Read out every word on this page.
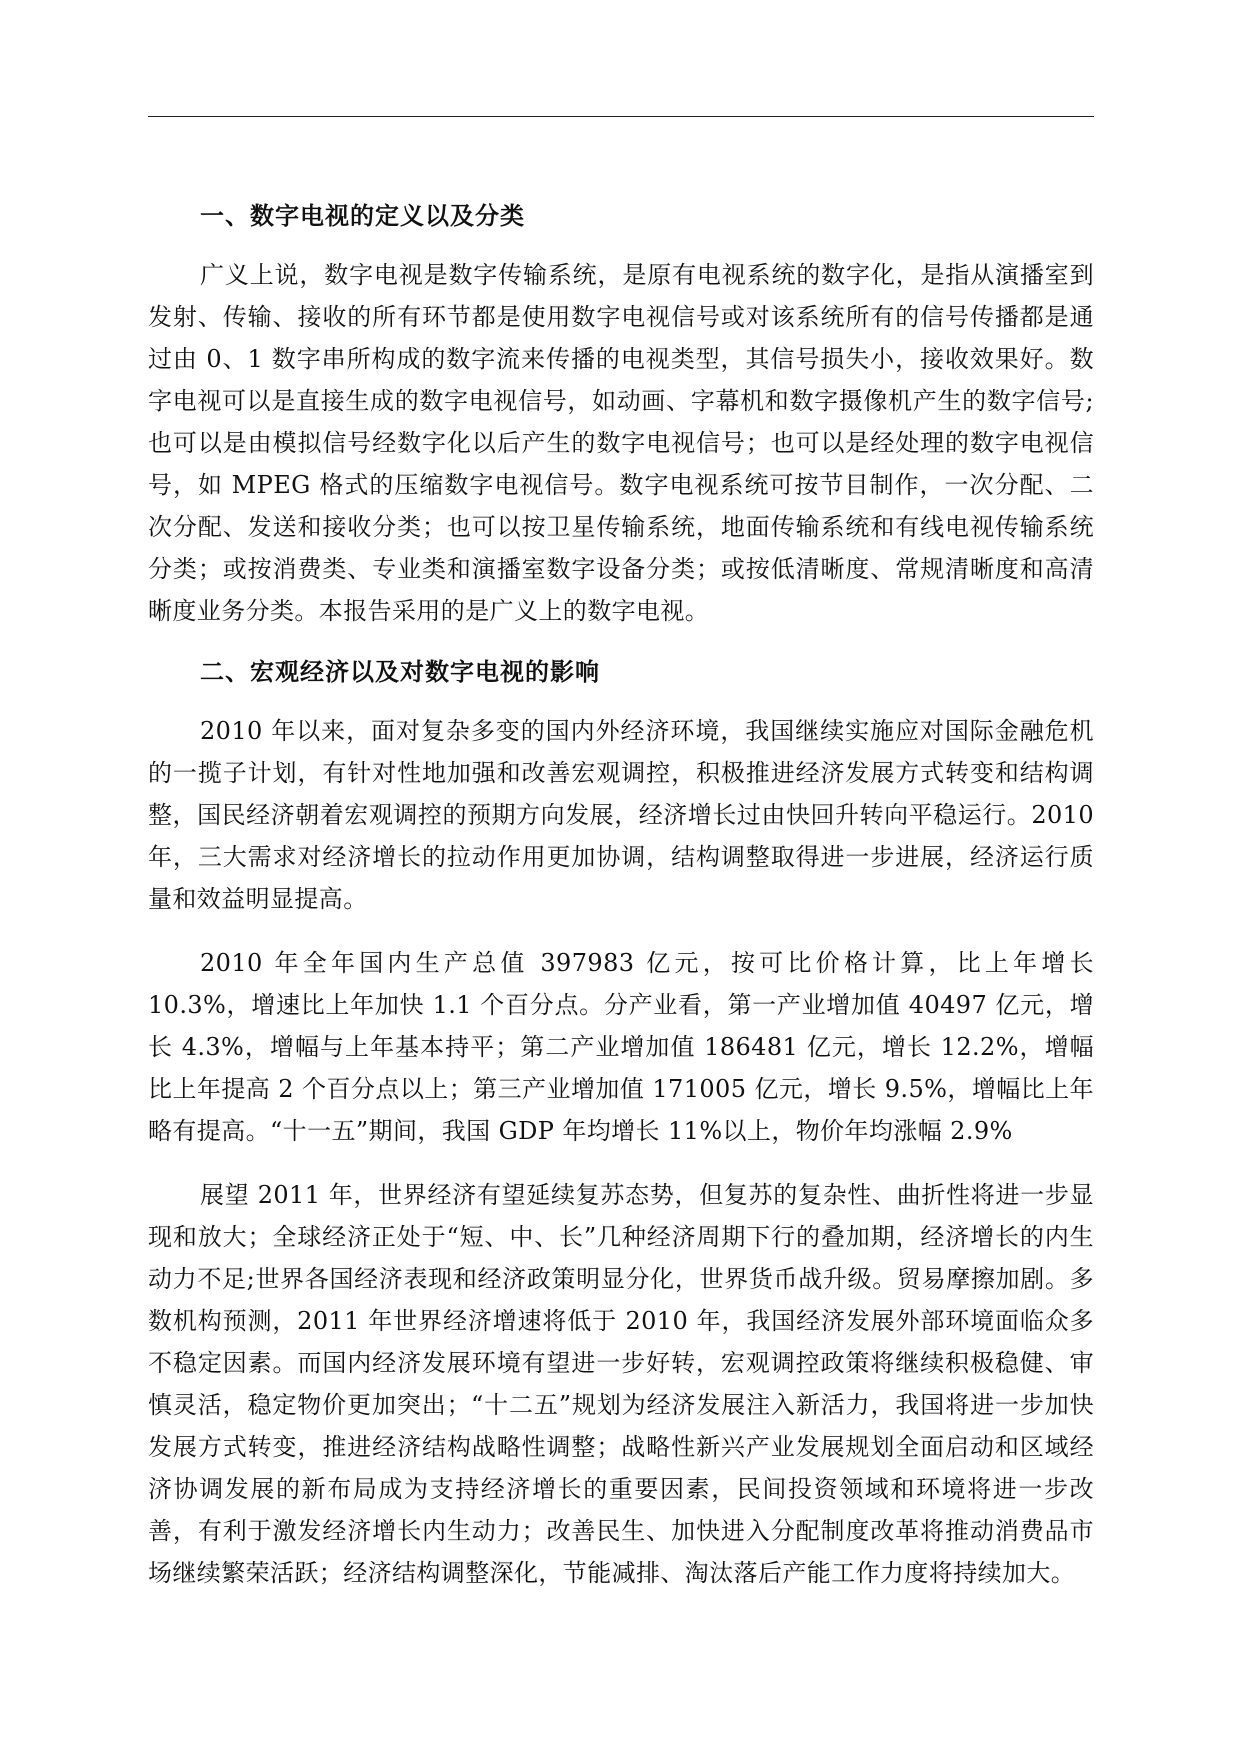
一、数字电视的定义以及分类

广义上说，数字电视是数字传输系统，是原有电视系统的数字化，是指从演播室到发射、传输、接收的所有环节都是使用数字电视信号或对该系统所有的信号传播都是通过由 0、1 数字串所构成的数字流来传播的电视类型，其信号损失小，接收效果好。数字电视可以是直接生成的数字电视信号，如动画、字幕机和数字摄像机产生的数字信号;也可以是由模拟信号经数字化以后产生的数字电视信号；也可以是经处理的数字电视信号，如 MPEG 格式的压缩数字电视信号。数字电视系统可按节目制作，一次分配、二次分配、发送和接收分类；也可以按卫星传输系统，地面传输系统和有线电视传输系统分类；或按消费类、专业类和演播室数字设备分类；或按低清晰度、常规清晰度和高清晰度业务分类。本报告采用的是广义上的数字电视。

二、宏观经济以及对数字电视的影响

2010 年以来，面对复杂多变的国内外经济环境，我国继续实施应对国际金融危机的一揽子计划，有针对性地加强和改善宏观调控，积极推进经济发展方式转变和结构调整，国民经济朝着宏观调控的预期方向发展，经济增长过由快回升转向平稳运行。2010 年，三大需求对经济增长的拉动作用更加协调，结构调整取得进一步进展，经济运行质量和效益明显提高。

2010 年全年国内生产总值 397983 亿元，按可比价格计算，比上年增长 10.3%，增速比上年加快 1.1 个百分点。分产业看，第一产业增加值 40497 亿元，增长 4.3%，增幅与上年基本持平；第二产业增加值 186481 亿元，增长 12.2%，增幅比上年提高 2 个百分点以上；第三产业增加值 171005 亿元，增长 9.5%，增幅比上年略有提高。“十一五”期间，我国 GDP 年均增长 11%以上，物价年均涨幅 2.9%

展望 2011 年，世界经济有望延续复苏态势，但复苏的复杂性、曲折性将进一步显现和放大；全球经济正处于“短、中、长”几种经济周期下行的叠加期，经济增长的内生动力不足;世界各国经济表现和经济政策明显分化，世界货币战升级。贸易摩擦加剧。多数机构预测，2011 年世界经济增速将低于 2010 年，我国经济发展外部环境面临众多不稳定因素。而国内经济发展环境有望进一步好转，宏观调控政策将继续积极稳健、审慎灵活，稳定物价更加突出；“十二五”规划为经济发展注入新活力，我国将进一步加快发展方式转变，推进经济结构战略性调整；战略性新兴产业发展规划全面启动和区域经济协调发展的新布局成为支持经济增长的重要因素，民间投资领域和环境将进一步改善，有利于激发经济增长内生动力；改善民生、加快进入分配制度改革将推动消费品市场继续繁荣活跃；经济结构调整深化，节能减排、淘汰落后产能工作力度将持续加大。
